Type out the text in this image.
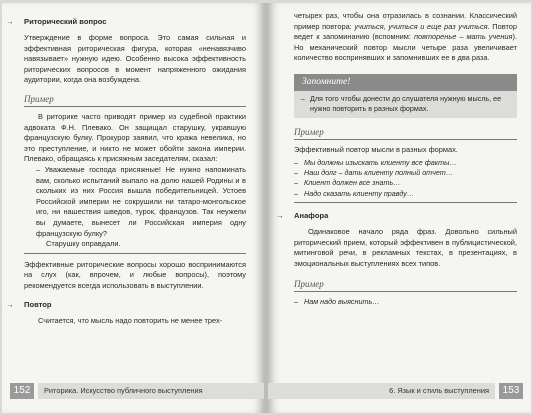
→ Риторический вопрос

Утверждение в форме вопроса. Это самая сильная и эффективная риторическая фигура, которая «ненавязчиво навязывает» нужную идею. Особенно высока эффективность риторических вопросов в момент напряженного ожидания аудитории, когда она возбуждена.

Пример

В риторике часто приводят пример из судебной практики адвоката Ф.Н. Плевако. Он защищал старушку, укравшую французскую булку. Прокурор заявил, что кража невелика, но это преступление, и никто не может обойти закона империи. Плевако, обращаясь к присяжным заседателям, сказал:

– Уважаемые господа присяжные! Не нужно напоминать вам, сколько испытаний выпало на долю нашей Родины и в скольких из них Россия вышла победительницей. Устоев Российской империи не сокрушили ни татаро-монгольское иго, ни нашествия шведов, турок, французов. Так неужели вы думаете, вынесет ли Российская империя одну французскую булку?

Старушку оправдали.

Эффективные риторические вопросы хорошо воспринимаются на слух (как, впрочем, и любые вопросы), поэтому рекомендуется всегда использовать в выступлении.

→ Повтор

Считается, что мысль надо повторить не менее трех-

152	Риторика. Искусство публичного выступления

четырех раз, чтобы она отразилась в сознании. Классический пример повтора: учиться, учиться и еще раз учиться. Повтор ведет к запоминанию (вспомним: повторенье – мать учения). Но механический повтор мысли четыре раза увеличивает количество воспринявших и запомнивших ее в два раза.

Запомните!
→ Для того чтобы донести до слушателя нужную мысль, ее нужно повторить в разных формах.
Пример

Эффективный повтор мысли в разных формах.

– Мы должны изыскать клиенту все факты…
– Наш долг – дать клиенту полный отчет…
– Клиент должен все знать…
– Надо сказать клиенту правду…
→ Анафора

Одинаковое начало ряда фраз. Довольно сильный риторический прием, который эффективен в публицистической, митинговой речи, в рекламных текстах, в презентациях, в эмоциональных выступлениях всех типов.

Пример
– Нам надо выяснить…
153
6. Язык и стиль выступления
